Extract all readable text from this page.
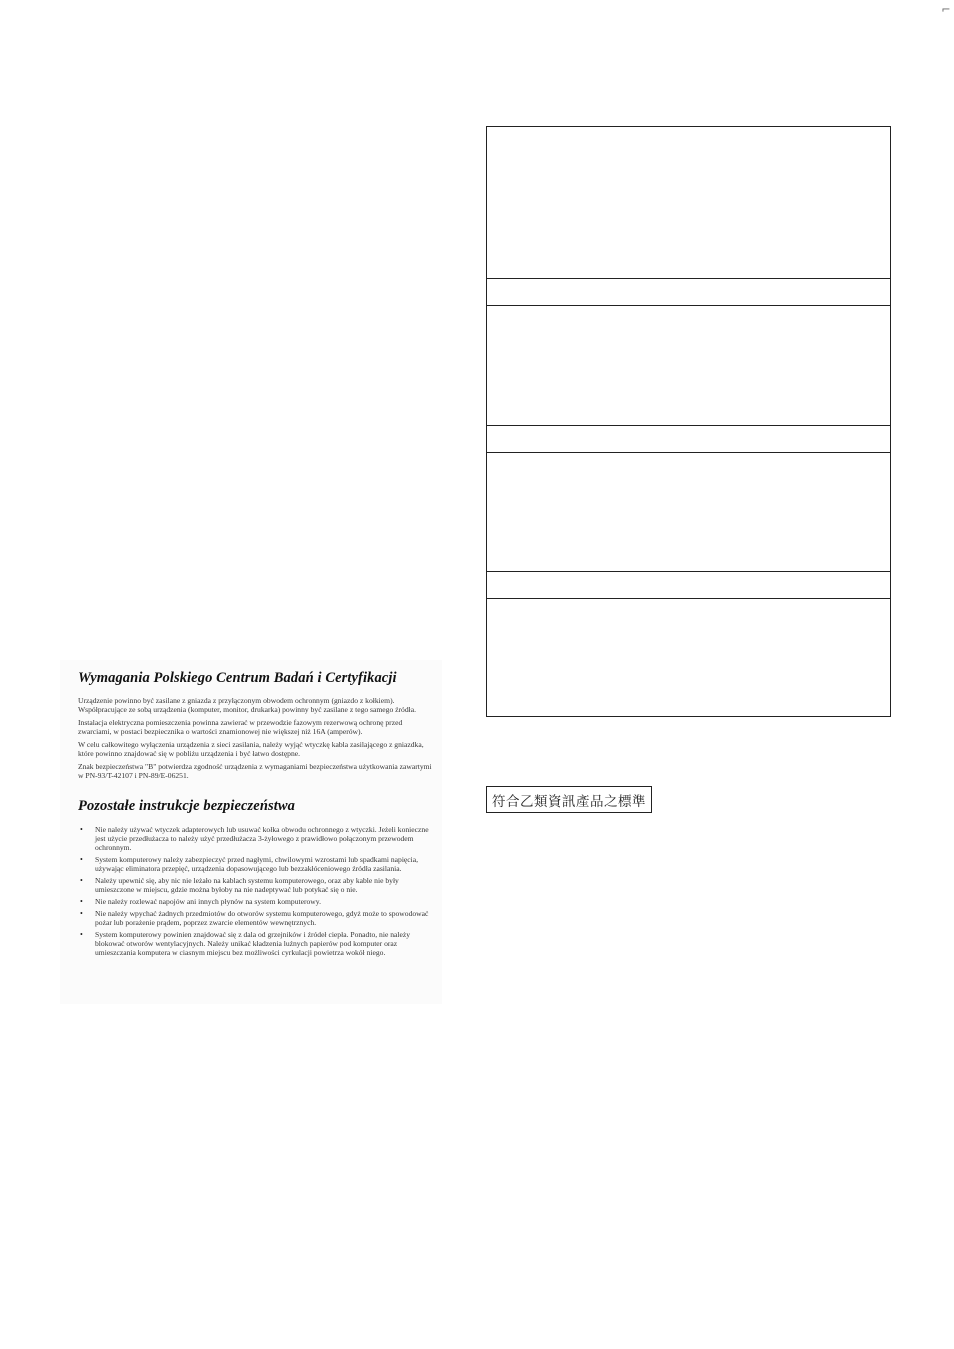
⌐
Wymagania Polskiego Centrum Badań i Certyfikacji

Urządzenie powinno być zasilane z gniazda z przyłączonym obwodem ochronnym (gniazdo z kołkiem). Współpracujące ze sobą urządzenia (komputer, monitor, drukarka) powinny być zasilane z tego samego źródła.

Instalacja elektryczna pomieszczenia powinna zawierać w przewodzie fazowym rezerwową ochronę przed zwarciami, w postaci bezpiecznika o wartości znamionowej nie większej niż 16A (amperów).

W celu całkowitego wyłączenia urządzenia z sieci zasilania, należy wyjąć wtyczkę kabla zasilającego z gniazdka, które powinno znajdować się w pobliżu urządzenia i być łatwo dostępne.

Znak bezpieczeństwa "B" potwierdza zgodność urządzenia z wymaganiami bezpieczeństwa użytkowania zawartymi w PN-93/T-42107 i PN-89/E-06251.

Pozostałe instrukcje bezpieczeństwa
• Nie należy używać wtyczek adapterowych lub usuwać kołka obwodu ochronnego z wtyczki. Jeżeli konieczne jest użycie przedłużacza to należy użyć przedłużacza 3-żyłowego z prawidłowo połączonym przewodem ochronnym.
• System komputerowy należy zabezpieczyć przed nagłymi, chwilowymi wzrostami lub spadkami napięcia, używając eliminatora przepięć, urządzenia dopasowującego lub bezzakłóceniowego źródła zasilania.
• Należy upewnić się, aby nic nie leżało na kablach systemu komputerowego, oraz aby kable nie były umieszczone w miejscu, gdzie można byłoby na nie nadeptywać lub potykać się o nie.
• Nie należy rozlewać napojów ani innych płynów na system komputerowy.
• Nie należy wpychać żadnych przedmiotów do otworów systemu komputerowego, gdyż może to spowodować pożar lub porażenie prądem, poprzez zwarcie elementów wewnętrznych.
• System komputerowy powinien znajdować się z dala od grzejników i źródeł ciepła. Ponadto, nie należy blokować otworów wentylacyjnych. Należy unikać kładzenia luźnych papierów pod komputer oraz umieszczania komputera w ciasnym miejscu bez możliwości cyrkulacji powietrza wokół niego.
符合乙類資訊產品之標準
